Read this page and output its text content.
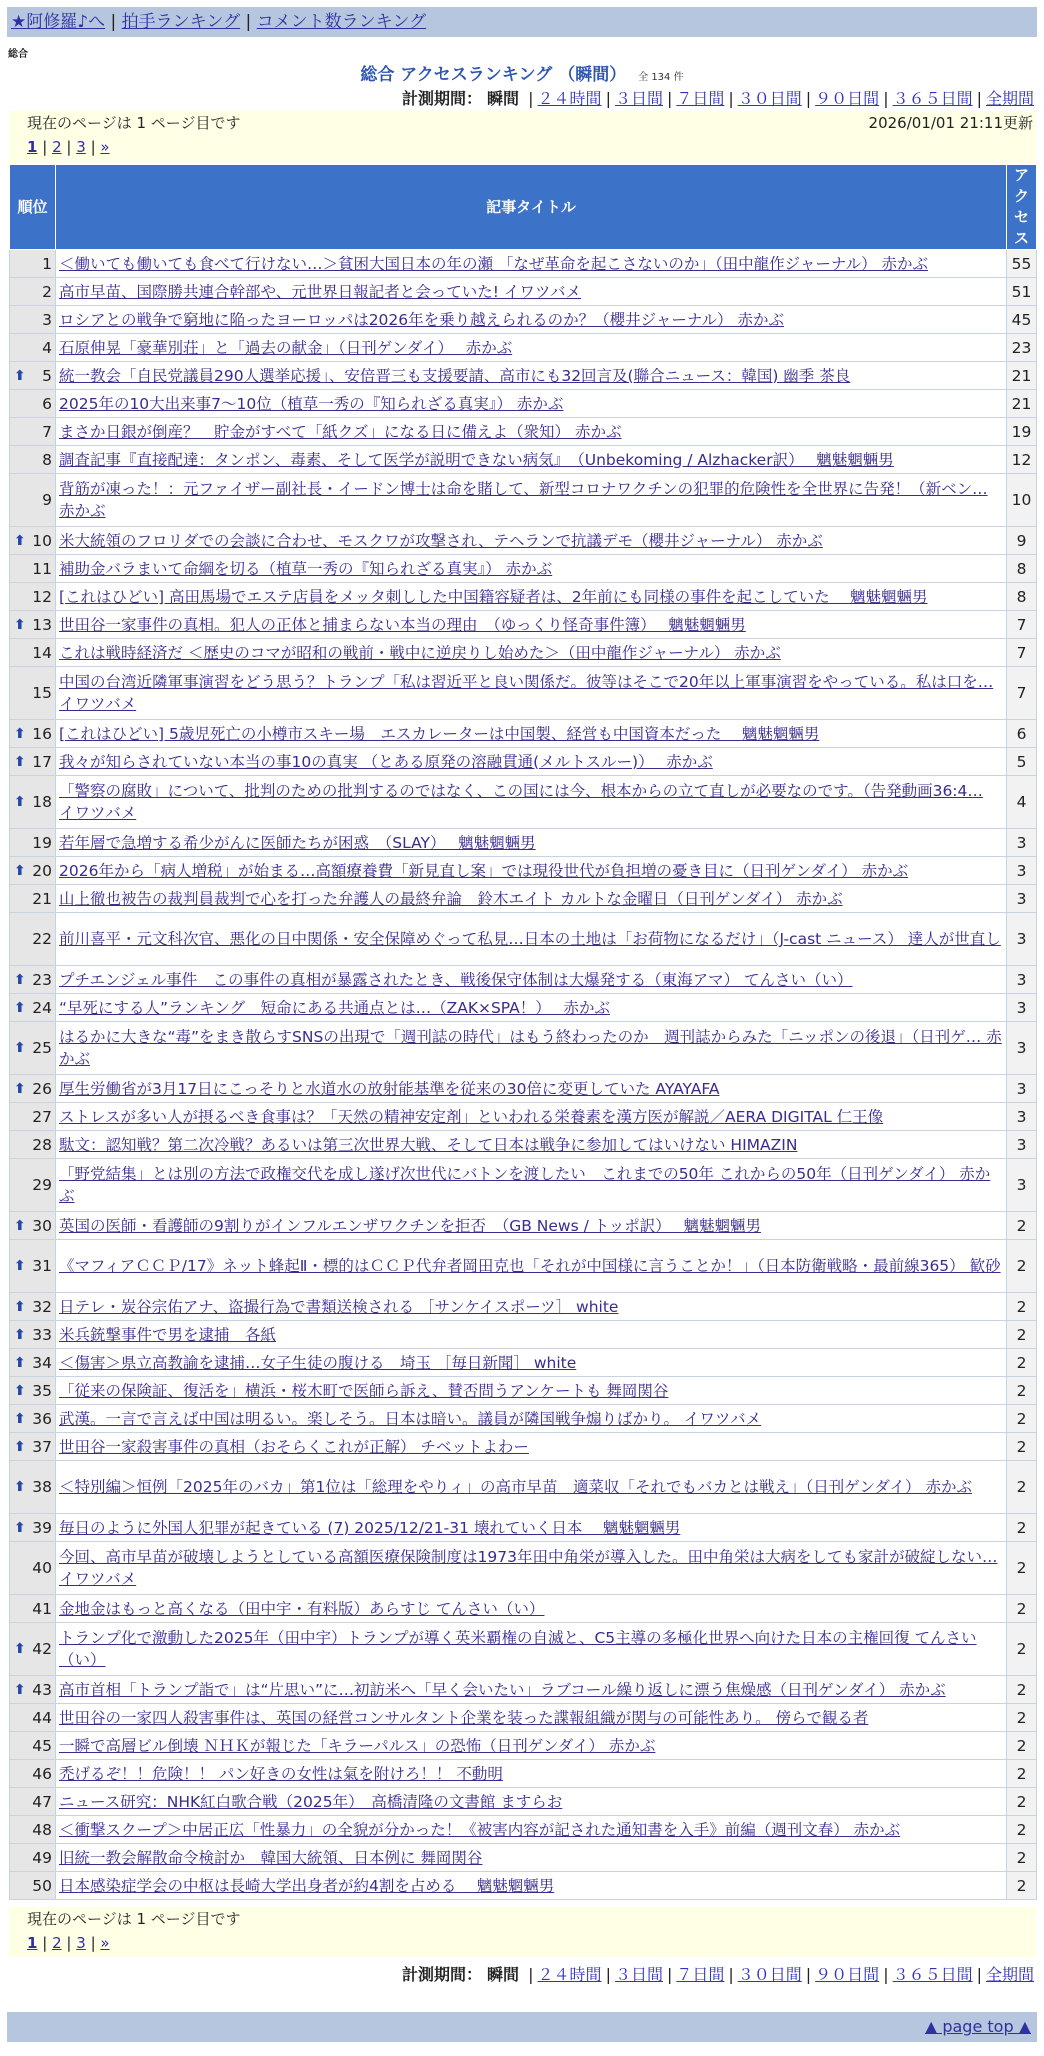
★阿修羅♪へ | 拍手ランキング | コメント数ランキング
総合
総合 アクセスランキング （瞬間） 全 134 件
計測期間： 瞬間 | ２４時間 | ３日間 | ７日間 | ３０日間 | ９０日間 | ３６５日間 | 全期間
現在のページは 1 ページ目です	2026/01/01 21:11更新
1 | 2 | 3 | »
順位	記事タイトル	アクセス
1	＜働いても働いても食べて行けない…＞貧困大国日本の年の瀬 「なぜ革命を起こさないのか」（田中龍作ジャーナル） 赤かぶ	55
2	高市早苗、国際勝共連合幹部や、元世界日報記者と会っていた! イワツバメ	51
3	ロシアとの戦争で窮地に陥ったヨーロッパは2026年を乗り越えられるのか？（櫻井ジャーナル） 赤かぶ	45
4	石原伸晃「豪華別荘」と「過去の献金」（日刊ゲンダイ）　 赤かぶ	23

⬆ 5	統一教会「自民党議員290人選挙応援」、安倍晋三も支援要請、高市にも32回言及(聯合ニュース：韓国) 幽季 茶良	21
6	2025年の10大出来事7〜10位（植草一秀の『知られざる真実』） 赤かぶ	21
7	まさか日銀が倒産？　貯金がすべて「紙クズ」になる日に備えよ（衆知） 赤かぶ	19
8	調査記事『直接配達：タンポン、毒素、そして医学が説明できない病気』　（Unbekoming / Alzhacker訳）　 魑魅魍魎男	12
9	背筋が凍った！：元ファイザー副社長・イードン博士は命を賭して、新型コロナワクチンの犯罪的危険性を全世界に告発！（新ベン… 赤かぶ	10

⬆ 10	米大統領のフロリダでの会談に合わせ、モスクワが攻撃され、テヘランで抗議デモ（櫻井ジャーナル） 赤かぶ	9
11	補助金バラまいて命綱を切る（植草一秀の『知られざる真実』） 赤かぶ	8
12	[これはひどい] 高田馬場でエステ店員をメッタ刺しした中国籍容疑者は、2年前にも同様の事件を起こしていた　 魑魅魍魎男	8

⬆ 13	世田谷一家事件の真相。犯人の正体と捕まらない本当の理由　（ゆっくり怪奇事件簿）　 魑魅魍魎男	7
14	これは戦時経済だ ＜歴史のコマが昭和の戦前・戦中に逆戻りし始めた＞（田中龍作ジャーナル） 赤かぶ	7
15	中国の台湾近隣軍事演習をどう思う？トランプ「私は習近平と良い関係だ。彼等はそこで20年以上軍事演習をやっている。私は口を… イワツバメ	7

⬆ 16	[これはひどい] 5歳児死亡の小樽市スキー場　エスカレーターは中国製、経営も中国資本だった　 魑魅魍魎男	6

⬆ 17	我々が知らされていない本当の事10の真実 （とある原発の溶融貫通(メルトスルー)）　 赤かぶ	5

⬆ 18	「警察の腐敗」について、批判のための批判するのではなく、この国には今、根本からの立て直しが必要なのです。（告発動画36:4… イワツバメ	4
19	若年層で急増する希少がんに医師たちが困惑　（SLAY）　 魑魅魍魎男	3

⬆ 20	2026年から「病人増税」が始まる…高額療養費「新見直し案」では現役世代が負担増の憂き目に（日刊ゲンダイ） 赤かぶ	3
21	山上徹也被告の裁判員裁判で心を打った弁護人の最終弁論　鈴木エイト カルトな金曜日（日刊ゲンダイ） 赤かぶ	3
22	前川喜平・元文科次官、悪化の日中関係・安全保障めぐって私見…日本の土地は「お荷物になるだけ」（J-cast ニュース） 達人が世直し	3

⬆ 23	プチエンジェル事件　この事件の真相が暴露されたとき、戦後保守体制は大爆発する（東海アマ） てんさい（い）	3

⬆ 24	“早死にする人”ランキング　短命にある共通点とは…（ZAK×SPA！）　 赤かぶ	3

⬆ 25	はるかに大きな“毒”をまき散らすSNSの出現で「週刊誌の時代」はもう終わったのか　週刊誌からみた「ニッポンの後退」（日刊ゲ… 赤かぶ	3

⬆ 26	厚生労働省が3月17日にこっそりと水道水の放射能基準を従来の30倍に変更していた AYAYAFA	3
27	ストレスが多い人が摂るべき食事は？「天然の精神安定剤」といわれる栄養素を漢方医が解説／AERA DIGITAL 仁王像	3
28	駄文：認知戦？第二次冷戦？あるいは第三次世界大戦、そして日本は戦争に参加してはいけない HIMAZIN	3
29	「野党結集」とは別の方法で政権交代を成し遂げ次世代にバトンを渡したい　これまでの50年 これからの50年（日刊ゲンダイ） 赤かぶ	3

⬆ 30	英国の医師・看護師の9割りがインフルエンザワクチンを拒否　（GB News / トッポ訳）　 魑魅魍魎男	2

⬆ 31	《マフィアＣＣＰ/17》ネット蜂起Ⅱ・標的はＣＣＰ代弁者岡田克也「それが中国様に言うことか！」（日本防衛戦略・最前線365） 歓砂	2

⬆ 32	日テレ・炭谷宗佑アナ、盗撮行為で書類送検される ［サンケイスポーツ］ white	2

⬆ 33	米兵銃撃事件で男を逮捕　各紙	2

⬆ 34	＜傷害＞県立高教諭を逮捕…女子生徒の腹ける　埼玉 ［毎日新聞］ white	2

⬆ 35	「従来の保険証、復活を」横浜・桜木町で医師ら訴え、賛否問うアンケートも 舞岡関谷	2

⬆ 36	武漢。一言で言えば中国は明るい。楽しそう。日本は暗い。議員が隣国戦争煽りばかり。 イワツバメ	2

⬆ 37	世田谷一家殺害事件の真相（おそらくこれが正解） チベットよわー	2

⬆ 38	＜特別編＞恒例「2025年のバカ」第1位は「総理をやりィ」の高市早苗　適菜収「それでもバカとは戦え」（日刊ゲンダイ） 赤かぶ	2

⬆ 39	毎日のように外国人犯罪が起きている (7) 2025/12/21-31 壊れていく日本　 魑魅魍魎男	2
40	今回、高市早苗が破壊しようとしている高額医療保険制度は1973年田中角栄が導入した。田中角栄は大病をしても家計が破綻しない… イワツバメ	2
41	金地金はもっと高くなる（田中宇・有料版）あらすじ てんさい（い）	2

⬆ 42	トランプ化で激動した2025年（田中宇）トランプが導く英米覇権の自滅と、C5主導の多極化世界へ向けた日本の主権回復 てんさい（い）	2

⬆ 43	高市首相「トランプ詣で」は“片思い”に…初訪米へ「早く会いたい」ラブコール繰り返しに漂う焦燥感（日刊ゲンダイ） 赤かぶ	2
44	世田谷の一家四人殺害事件は、英国の経営コンサルタント企業を装った諜報組織が関与の可能性あり。 傍らで観る者	2
45	一瞬で高層ビル倒壊 ＮＨＫが報じた「キラーパルス」の恐怖（日刊ゲンダイ） 赤かぶ	2
46	禿げるぞ！！危険！！ パン好きの女性は氣を附けろ！！ 不動明	2
47	ニュース研究：NHK紅白歌合戦（2025年）　高橋清隆の文書館 ますらお	2
48	＜衝撃スクープ＞中居正広「性暴力」の全貌が分かった！《被害内容が記された通知書を入手》前編（週刊文春） 赤かぶ	2
49	旧統一教会解散命令検討か　韓国大統領、日本例に 舞岡関谷	2
50	日本感染症学会の中枢は長崎大学出身者が約4割を占める　 魑魅魍魎男	2
現在のページは 1 ページ目です
1 | 2 | 3 | »
計測期間： 瞬間 | ２４時間 | ３日間 | ７日間 | ３０日間 | ９０日間 | ３６５日間 | 全期間
▲ page top ▲
